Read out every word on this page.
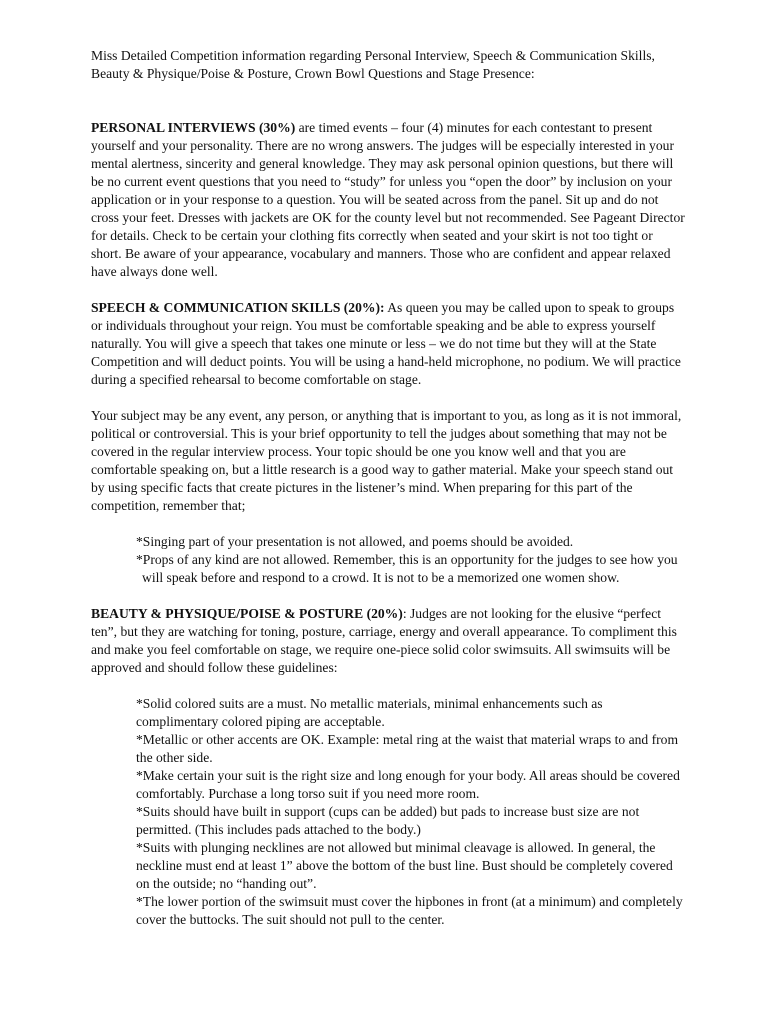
Miss Detailed Competition information regarding Personal Interview, Speech & Communication Skills, Beauty & Physique/Poise & Posture, Crown Bowl Questions and Stage Presence:

PERSONAL INTERVIEWS (30%) are timed events – four (4) minutes for each contestant to present yourself and your personality. There are no wrong answers. The judges will be especially interested in your mental alertness, sincerity and general knowledge. They may ask personal opinion questions, but there will be no current event questions that you need to “study” for unless you “open the door” by inclusion on your application or in your response to a question. You will be seated across from the panel. Sit up and do not cross your feet. Dresses with jackets are OK for the county level but not recommended. See Pageant Director for details. Check to be certain your clothing fits correctly when seated and your skirt is not too tight or short. Be aware of your appearance, vocabulary and manners. Those who are confident and appear relaxed have always done well.

SPEECH & COMMUNICATION SKILLS (20%): As queen you may be called upon to speak to groups or individuals throughout your reign. You must be comfortable speaking and be able to express yourself naturally. You will give a speech that takes one minute or less – we do not time but they will at the State Competition and will deduct points. You will be using a hand-held microphone, no podium. We will practice during a specified rehearsal to become comfortable on stage.

Your subject may be any event, any person, or anything that is important to you, as long as it is not immoral, political or controversial. This is your brief opportunity to tell the judges about something that may not be covered in the regular interview process. Your topic should be one you know well and that you are comfortable speaking on, but a little research is a good way to gather material. Make your speech stand out by using specific facts that create pictures in the listener’s mind. When preparing for this part of the competition, remember that;

*Singing part of your presentation is not allowed, and poems should be avoided.
*Props of any kind are not allowed. Remember, this is an opportunity for the judges to see how you will speak before and respond to a crowd. It is not to be a memorized one women show.

BEAUTY & PHYSIQUE/POISE & POSTURE (20%): Judges are not looking for the elusive “perfect ten”, but they are watching for toning, posture, carriage, energy and overall appearance. To compliment this and make you feel comfortable on stage, we require one-piece solid color swimsuits. All swimsuits will be approved and should follow these guidelines:

*Solid colored suits are a must. No metallic materials, minimal enhancements such as complimentary colored piping are acceptable.
*Metallic or other accents are OK. Example: metal ring at the waist that material wraps to and from the other side.
*Make certain your suit is the right size and long enough for your body. All areas should be covered comfortably. Purchase a long torso suit if you need more room.
*Suits should have built in support (cups can be added) but pads to increase bust size are not permitted. (This includes pads attached to the body.)
*Suits with plunging necklines are not allowed but minimal cleavage is allowed. In general, the neckline must end at least 1” above the bottom of the bust line. Bust should be completely covered on the outside; no “handing out”.
*The lower portion of the swimsuit must cover the hipbones in front (at a minimum) and completely cover the buttocks. The suit should not pull to the center.
